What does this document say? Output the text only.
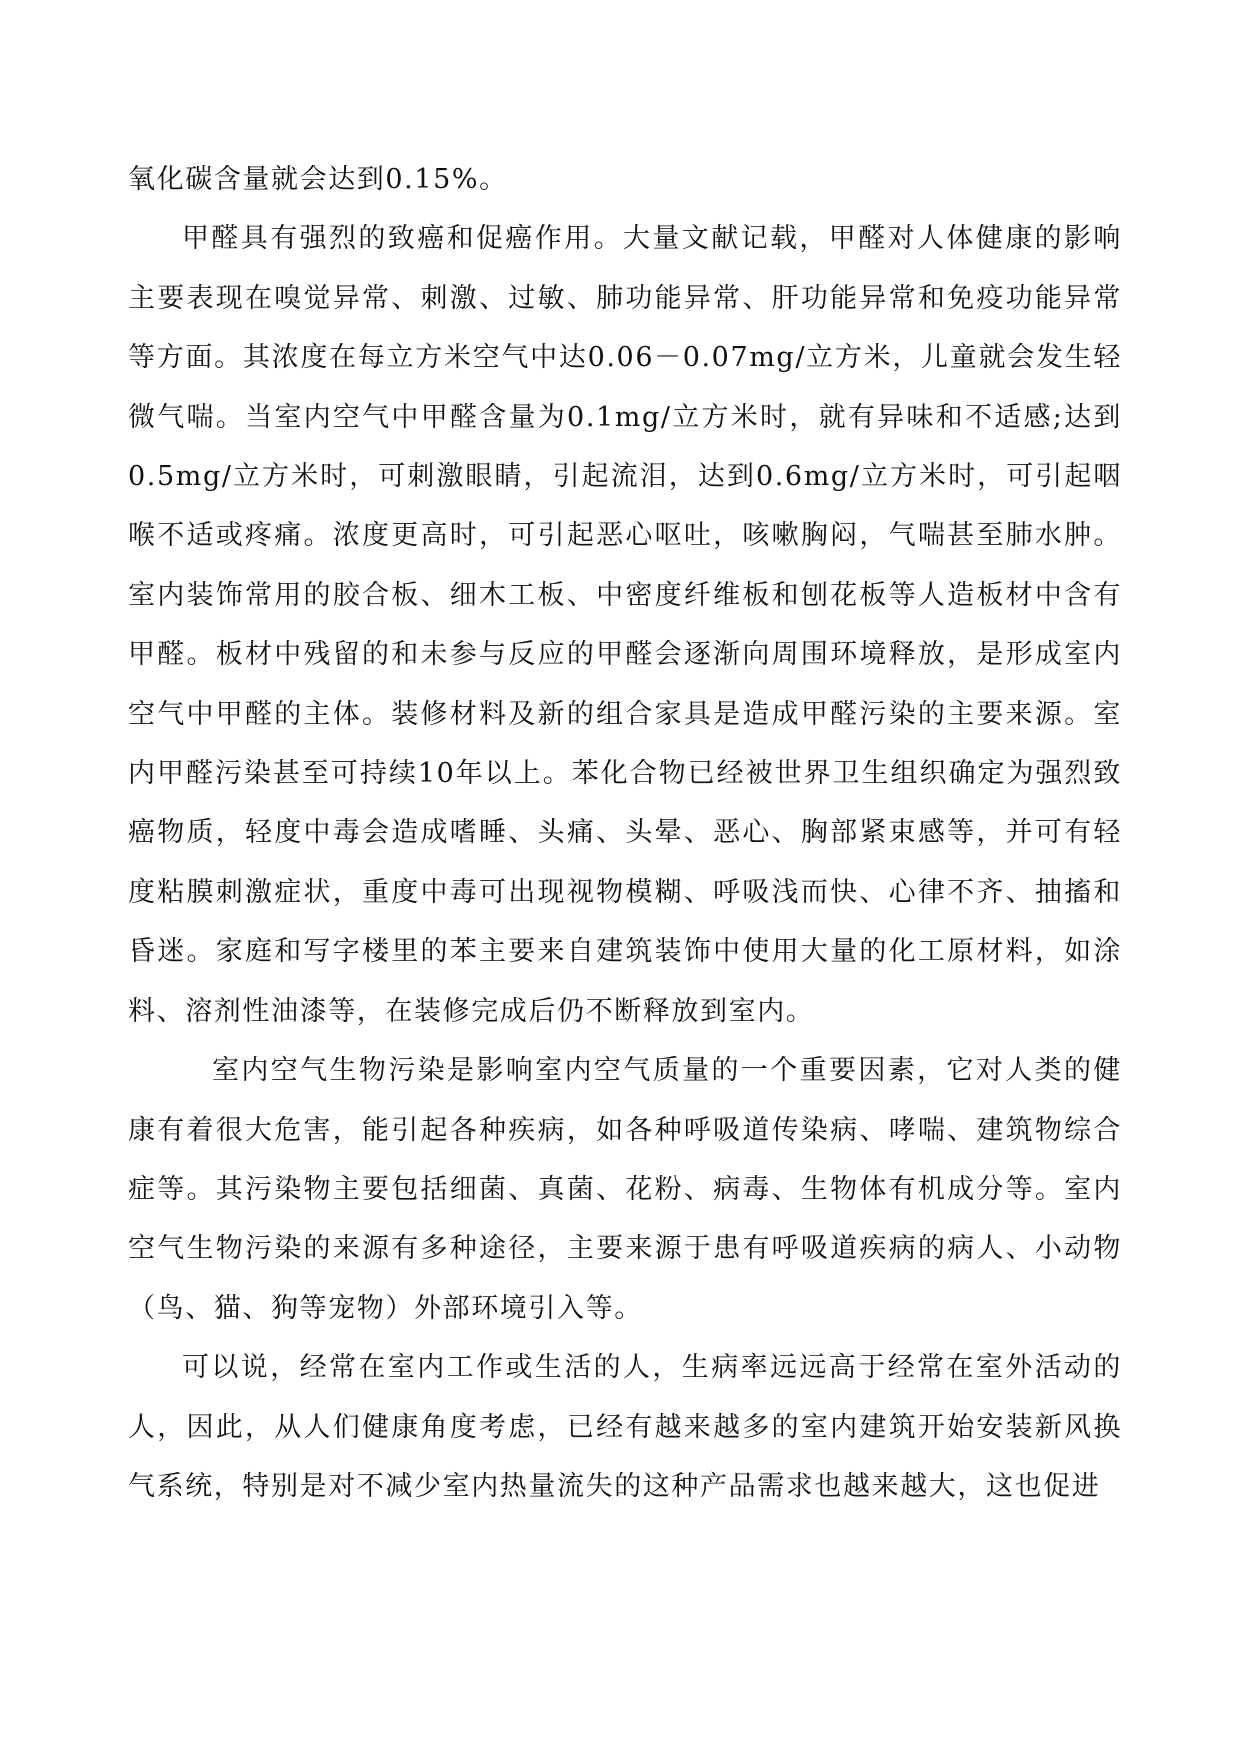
氧化碳含量就会达到0.15%。

甲醛具有强烈的致癌和促癌作用。大量文献记载，甲醛对人体健康的影响主要表现在嗅觉异常、刺激、过敏、肺功能异常、肝功能异常和免疫功能异常等方面。其浓度在每立方米空气中达0.06－0.07mg/立方米，儿童就会发生轻微气喘。当室内空气中甲醛含量为0.1mg/立方米时，就有异味和不适感;达到0.5mg/立方米时，可刺激眼睛，引起流泪，达到0.6mg/立方米时，可引起咽喉不适或疼痛。浓度更高时，可引起恶心呕吐，咳嗽胸闷，气喘甚至肺水肿。室内装饰常用的胶合板、细木工板、中密度纤维板和刨花板等人造板材中含有甲醛。板材中残留的和未参与反应的甲醛会逐渐向周围环境释放，是形成室内空气中甲醛的主体。装修材料及新的组合家具是造成甲醛污染的主要来源。室内甲醛污染甚至可持续10年以上。苯化合物已经被世界卫生组织确定为强烈致癌物质，轻度中毒会造成嗜睡、头痛、头晕、恶心、胸部紧束感等，并可有轻度粘膜刺激症状，重度中毒可出现视物模糊、呼吸浅而快、心律不齐、抽搐和昏迷。家庭和写字楼里的苯主要来自建筑装饰中使用大量的化工原材料，如涂料、溶剂性油漆等，在装修完成后仍不断释放到室内。

室内空气生物污染是影响室内空气质量的一个重要因素，它对人类的健康有着很大危害，能引起各种疾病，如各种呼吸道传染病、哮喘、建筑物综合症等。其污染物主要包括细菌、真菌、花粉、病毒、生物体有机成分等。室内空气生物污染的来源有多种途径，主要来源于患有呼吸道疾病的病人、小动物（鸟、猫、狗等宠物）外部环境引入等。

可以说，经常在室内工作或生活的人，生病率远远高于经常在室外活动的人，因此，从人们健康角度考虑，已经有越来越多的室内建筑开始安装新风换气系统，特别是对不减少室内热量流失的这种产品需求也越来越大，这也促进
